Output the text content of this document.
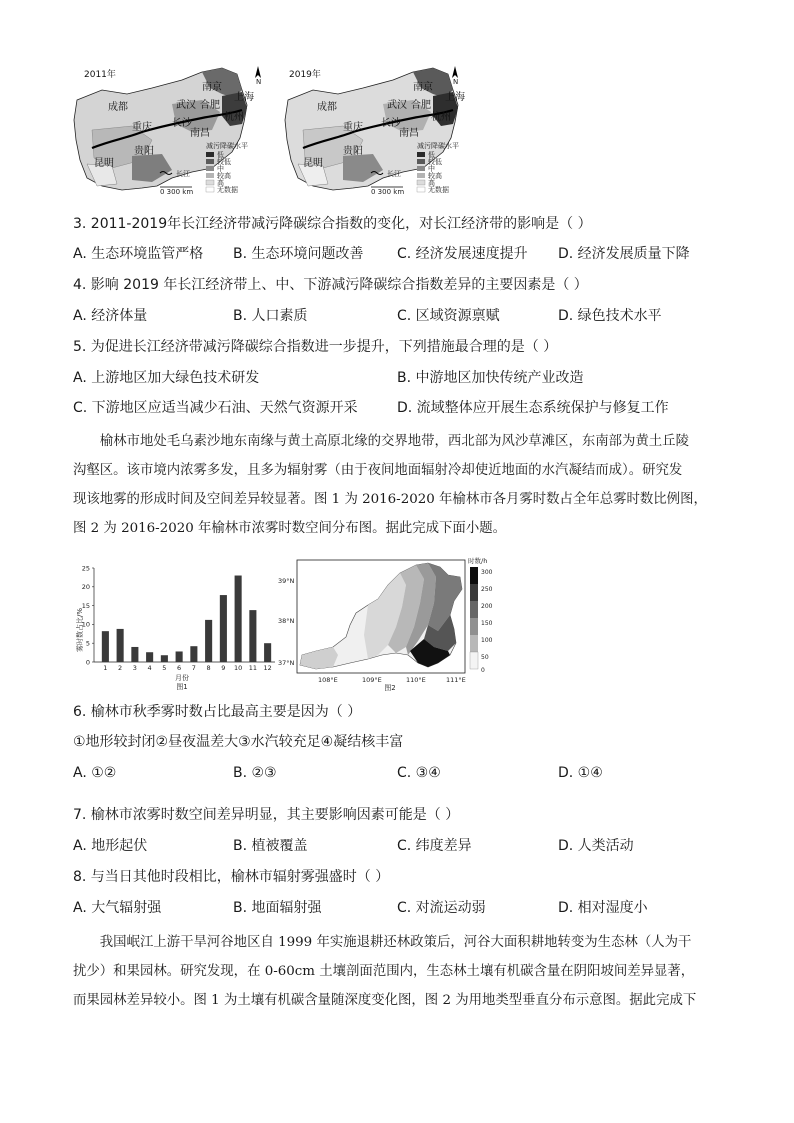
2011年
南京
上海
成都	武汉 合肥
杭州
重庆 长沙
南昌
贵阳
昆明
N
减污降碳水平
低
较低
中
较高
高
无数据
长江
0 300 km
2019年
南京
上海
成都	武汉 合肥
杭州
重庆 长沙
南昌
贵阳
昆明
N
减污降碳水平
低
较低
中
较高
高
无数据
长江
0 300 km
3. 2011-2019年长江经济带减污降碳综合指数的变化，对长江经济带的影响是（ ）
A. 生态环境监管严格 B. 生态环境问题改善 C. 经济发展速度提升 D. 经济发展质量下降
4. 影响 2019 年长江经济带上、中、下游减污降碳综合指数差异的主要因素是（ ）
A. 经济体量	B. 人口素质	C. 区域资源禀赋	D. 绿色技术水平
5. 为促进长江经济带减污降碳综合指数进一步提升，下列措施最合理的是（ ）
A. 上游地区加大绿色技术研发	B. 中游地区加快传统产业改造
C. 下游地区应适当减少石油、天然气资源开采	D. 流域整体应开展生态系统保护与修复工作
　　榆林市地处毛乌素沙地东南缘与黄土高原北缘的交界地带，西北部为风沙草滩区，东南部为黄土丘陵
沟壑区。该市境内浓雾多发，且多为辐射雾（由于夜间地面辐射冷却使近地面的水汽凝结而成）。研究发
现该地雾的形成时间及空间差异较显著。图 1 为 2016-2020 年榆林市各月雾时数占全年总雾时数比例图，
图 2 为 2016-2020 年榆林市浓雾时数空间分布图。据此完成下面小题。
0
5
10
15
20
25
1 2 3 4 5 6 7 8 9 10 11 12
雾时数占比/%
月份
图1
39°N
38°N
37°N
108°E	109°E	110°E	111°E
图2
时数/h
300
250
200
150
100
50
0
6. 榆林市秋季雾时数占比最高主要是因为（ ）
①地形较封闭②昼夜温差大③水汽较充足④凝结核丰富
A. ①②	B. ②③	C. ③④	D. ①④
7. 榆林市浓雾时数空间差异明显，其主要影响因素可能是（ ）
A. 地形起伏	B. 植被覆盖	C. 纬度差异	D. 人类活动
8. 与当日其他时段相比，榆林市辐射雾强盛时（ ）
A. 大气辐射强	B. 地面辐射强	C. 对流运动弱	D. 相对湿度小
　　我国岷江上游干旱河谷地区自 1999 年实施退耕还林政策后，河谷大面积耕地转变为生态林（人为干
扰少）和果园林。研究发现，在 0-60cm 土壤剖面范围内，生态林土壤有机碳含量在阴阳坡间差异显著，
而果园林差异较小。图 1 为土壤有机碳含量随深度变化图，图 2 为用地类型垂直分布示意图。据此完成下
